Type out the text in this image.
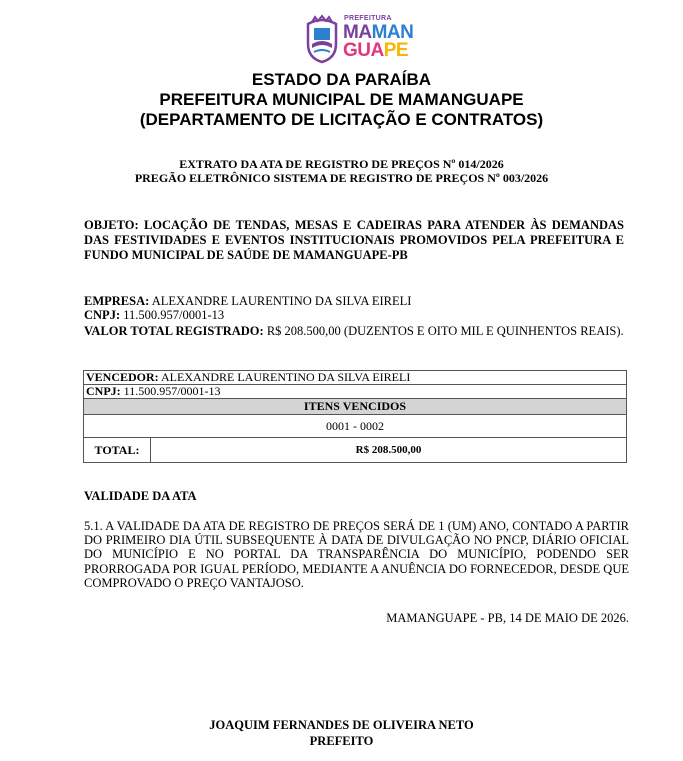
PREFEITURA
MAMAN
GUAPE
ESTADO DA PARAÍBA
PREFEITURA MUNICIPAL DE MAMANGUAPE
(DEPARTAMENTO DE LICITAÇÃO E CONTRATOS)
EXTRATO DA ATA DE REGISTRO DE PREÇOS Nº 014/2026
PREGÃO ELETRÔNICO SISTEMA DE REGISTRO DE PREÇOS Nº 003/2026
OBJETO: LOCAÇÃO DE TENDAS, MESAS E CADEIRAS PARA ATENDER ÀS DEMANDAS DAS FESTIVIDADES E EVENTOS INSTITUCIONAIS PROMOVIDOS PELA PREFEITURA E FUNDO MUNICIPAL DE SAÚDE DE MAMANGUAPE-PB
EMPRESA: ALEXANDRE LAURENTINO DA SILVA EIRELI
CNPJ: 11.500.957/0001-13
VALOR TOTAL REGISTRADO: R$ 208.500,00 (DUZENTOS E OITO MIL E QUINHENTOS REAIS).
VENCEDOR: ALEXANDRE LAURENTINO DA SILVA EIRELI
CNPJ: 11.500.957/0001-13
ITENS VENCIDOS
0001 - 0002
TOTAL:	R$ 208.500,00
VALIDADE DA ATA
5.1. A VALIDADE DA ATA DE REGISTRO DE PREÇOS SERÁ DE 1 (UM) ANO, CONTADO A PARTIR DO PRIMEIRO DIA ÚTIL SUBSEQUENTE À DATA DE DIVULGAÇÃO NO PNCP, DIÁRIO OFICIAL DO MUNICÍPIO E NO PORTAL DA TRANSPARÊNCIA DO MUNICÍPIO, PODENDO SER PRORROGADA POR IGUAL PERÍODO, MEDIANTE A ANUÊNCIA DO FORNECEDOR, DESDE QUE COMPROVADO O PREÇO VANTAJOSO.
MAMANGUAPE - PB, 14 DE MAIO DE 2026.
JOAQUIM FERNANDES DE OLIVEIRA NETO
PREFEITO
